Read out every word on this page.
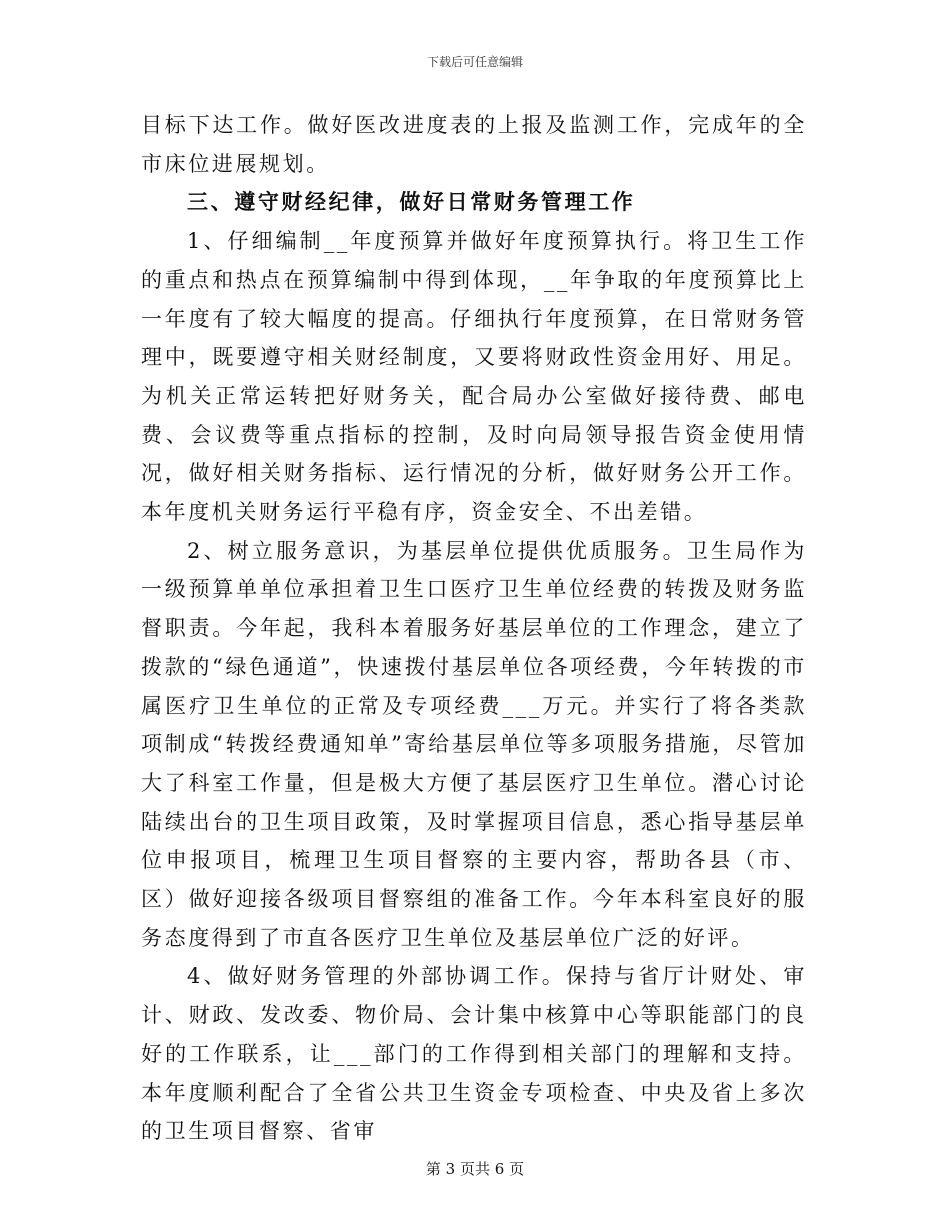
下载后可任意编辑

目标下达工作。做好医改进度表的上报及监测工作，完成年的全市床位进展规划。

三、遵守财经纪律，做好日常财务管理工作

1、仔细编制__年度预算并做好年度预算执行。将卫生工作的重点和热点在预算编制中得到体现，__年争取的年度预算比上一年度有了较大幅度的提高。仔细执行年度预算，在日常财务管理中，既要遵守相关财经制度，又要将财政性资金用好、用足。为机关正常运转把好财务关，配合局办公室做好接待费、邮电费、会议费等重点指标的控制，及时向局领导报告资金使用情况，做好相关财务指标、运行情况的分析，做好财务公开工作。本年度机关财务运行平稳有序，资金安全、不出差错。

2、树立服务意识，为基层单位提供优质服务。卫生局作为一级预算单单位承担着卫生口医疗卫生单位经费的转拨及财务监督职责。今年起，我科本着服务好基层单位的工作理念，建立了拨款的“绿色通道”，快速拨付基层单位各项经费，今年转拨的市属医疗卫生单位的正常及专项经费___万元。并实行了将各类款项制成“转拨经费通知单”寄给基层单位等多项服务措施，尽管加大了科室工作量，但是极大方便了基层医疗卫生单位。潜心讨论陆续出台的卫生项目政策，及时掌握项目信息，悉心指导基层单位申报项目，梳理卫生项目督察的主要内容，帮助各县（市、区）做好迎接各级项目督察组的准备工作。今年本科室良好的服务态度得到了市直各医疗卫生单位及基层单位广泛的好评。

4、做好财务管理的外部协调工作。保持与省厅计财处、审计、财政、发改委、物价局、会计集中核算中心等职能部门的良好的工作联系，让___部门的工作得到相关部门的理解和支持。本年度顺利配合了全省公共卫生资金专项检查、中央及省上多次的卫生项目督察、省审

第 3 页共 6 页
